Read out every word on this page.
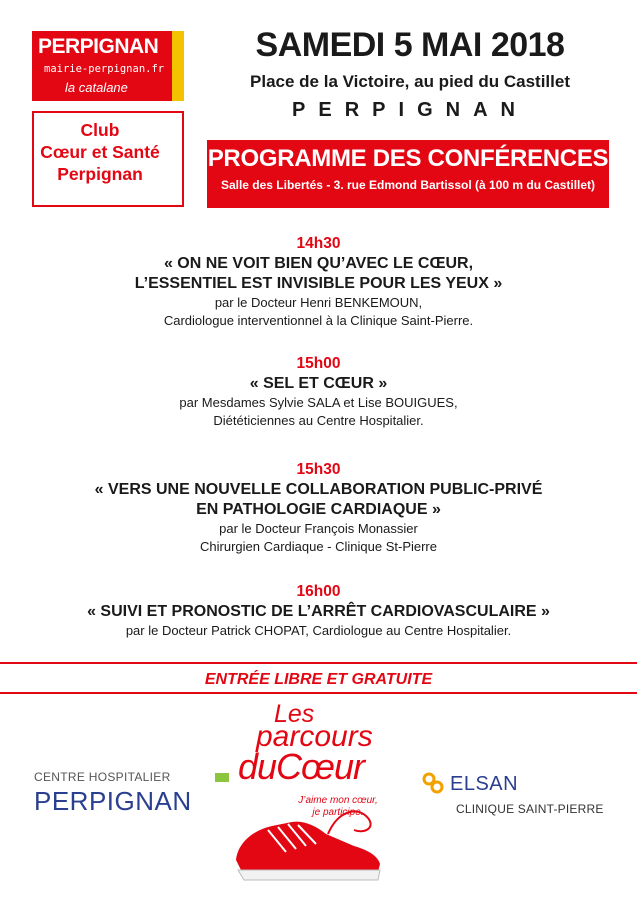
PERPIGNAN
mairie-perpignan.fr
la catalane
Club
Cœur et Santé
Perpignan
SAMEDI 5 MAI 2018
Place de la Victoire, au pied du Castillet
PERPIGNAN
PROGRAMME DES CONFÉRENCES
Salle des Libertés - 3. rue Edmond Bartissol (à 100 m du Castillet)
14h30
« ON NE VOIT BIEN QU’AVEC LE CŒUR,
L’ESSENTIEL EST INVISIBLE POUR LES YEUX »
par le Docteur Henri BENKEMOUN,
Cardiologue interventionnel à la Clinique Saint-Pierre.
15h00
« SEL ET CŒUR »
par Mesdames Sylvie SALA et Lise BOUIGUES,
Diététiciennes au Centre Hospitalier.
15h30
« VERS UNE NOUVELLE COLLABORATION PUBLIC-PRIVÉ
EN PATHOLOGIE CARDIAQUE »
par le Docteur François Monassier
Chirurgien Cardiaque - Clinique St-Pierre
16h00
« SUIVI ET PRONOSTIC DE L’ARRÊT CARDIOVASCULAIRE »
par le Docteur Patrick CHOPAT, Cardiologue au Centre Hospitalier.
ENTRÉE LIBRE ET GRATUITE
CENTRE HOSPITALIER
PERPIGNAN
Les
parcours
duCœur
J’aime mon cœur,
je participe.
ELSAN
CLINIQUE SAINT-PIERRE
